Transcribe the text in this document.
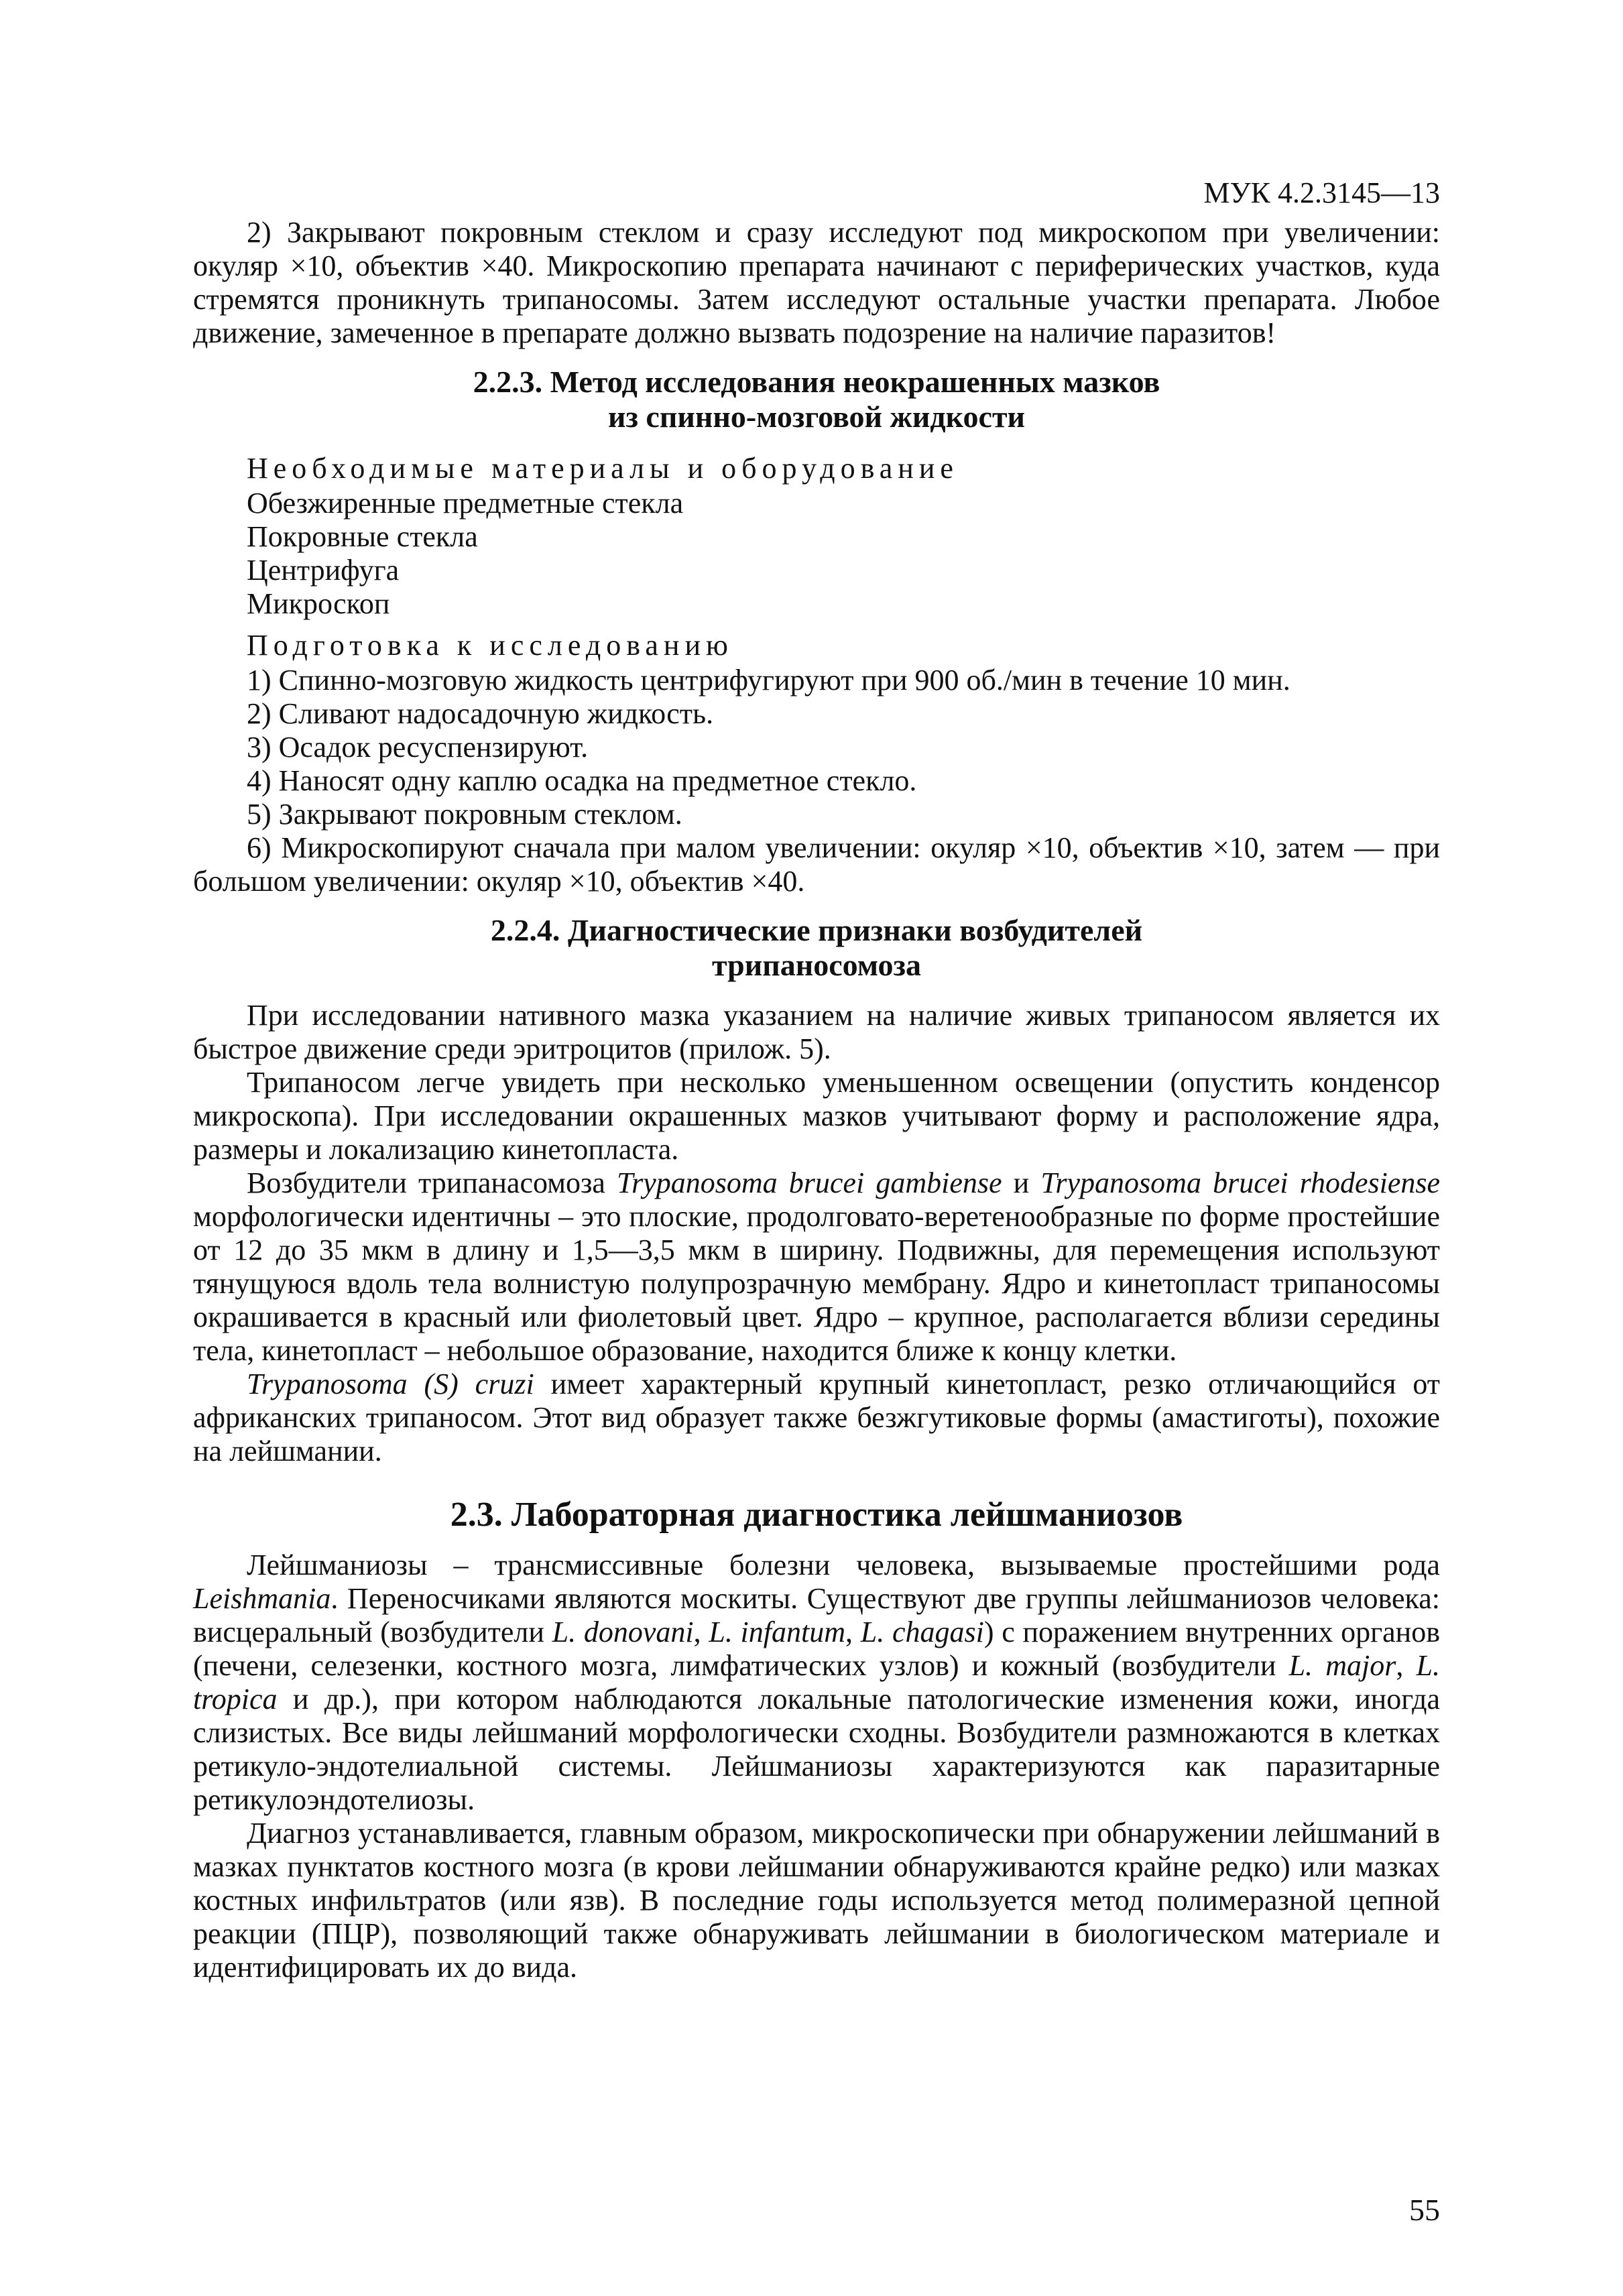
МУК 4.2.3145—13

2) Закрывают покровным стеклом и сразу исследуют под микроскопом при увеличении: окуляр ×10, объектив ×40. Микроскопию препарата начинают с периферических участков, куда стремятся проникнуть трипаносомы. Затем исследуют остальные участки препарата. Любое движение, замеченное в препарате должно вызвать подозрение на наличие паразитов!

2.2.3. Метод исследования неокрашенных мазков
из спинно-мозговой жидкости
Необходимые материалы и оборудование
Обезжиренные предметные стекла
Покровные стекла
Центрифуга
Микроскоп
Подготовка к исследованию

1) Спинно-мозговую жидкость центрифугируют при 900 об./мин в течение 10 мин.

2) Сливают надосадочную жидкость.

3) Осадок ресуспензируют.

4) Наносят одну каплю осадка на предметное стекло.

5) Закрывают покровным стеклом.

6) Микроскопируют сначала при малом увеличении: окуляр ×10, объектив ×10, затем — при большом увеличении: окуляр ×10, объектив ×40.

2.2.4. Диагностические признаки возбудителей
трипаносомоза

При исследовании нативного мазка указанием на наличие живых трипаносом является их быстрое движение среди эритроцитов (прилож. 5).

Трипаносом легче увидеть при несколько уменьшенном освещении (опустить конденсор микроскопа). При исследовании окрашенных мазков учитывают форму и расположение ядра, размеры и локализацию кинетопласта.

Возбудители трипанасомоза Trypanosoma brucei gambiense и Trypanosoma brucei rhodesiense морфологически идентичны – это плоские, продолговато-веретенообразные по форме простейшие от 12 до 35 мкм в длину и 1,5—3,5 мкм в ширину. Подвижны, для перемещения используют тянущуюся вдоль тела волнистую полупрозрачную мембрану. Ядро и кинетопласт трипаносомы окрашивается в красный или фиолетовый цвет. Ядро – крупное, располагается вблизи середины тела, кинетопласт – небольшое образование, находится ближе к концу клетки.

Trypanosoma (S) cruzi имеет характерный крупный кинетопласт, резко отличающийся от африканских трипаносом. Этот вид образует также безжгутиковые формы (амастиготы), похожие на лейшмании.

2.3. Лабораторная диагностика лейшманиозов

Лейшманиозы – трансмиссивные болезни человека, вызываемые простейшими рода Leishmania. Переносчиками являются москиты. Существуют две группы лейшманиозов человека: висцеральный (возбудители L. donovani, L. infantum, L. chagasi) с поражением внутренних органов (печени, селезенки, костного мозга, лимфатических узлов) и кожный (возбудители L. major, L. tropica и др.), при котором наблюдаются локальные патологические изменения кожи, иногда слизистых. Все виды лейшманий морфологически сходны. Возбудители размножаются в клетках ретикуло-эндотелиальной системы. Лейшманиозы характеризуются как паразитарные ретикулоэндотелиозы.

Диагноз устанавливается, главным образом, микроскопически при обнаружении лейшманий в мазках пунктатов костного мозга (в крови лейшмании обнаруживаются крайне редко) или мазках костных инфильтратов (или язв). В последние годы используется метод полимеразной цепной реакции (ПЦР), позволяющий также обнаруживать лейшмании в биологическом материале и идентифицировать их до вида.

55
